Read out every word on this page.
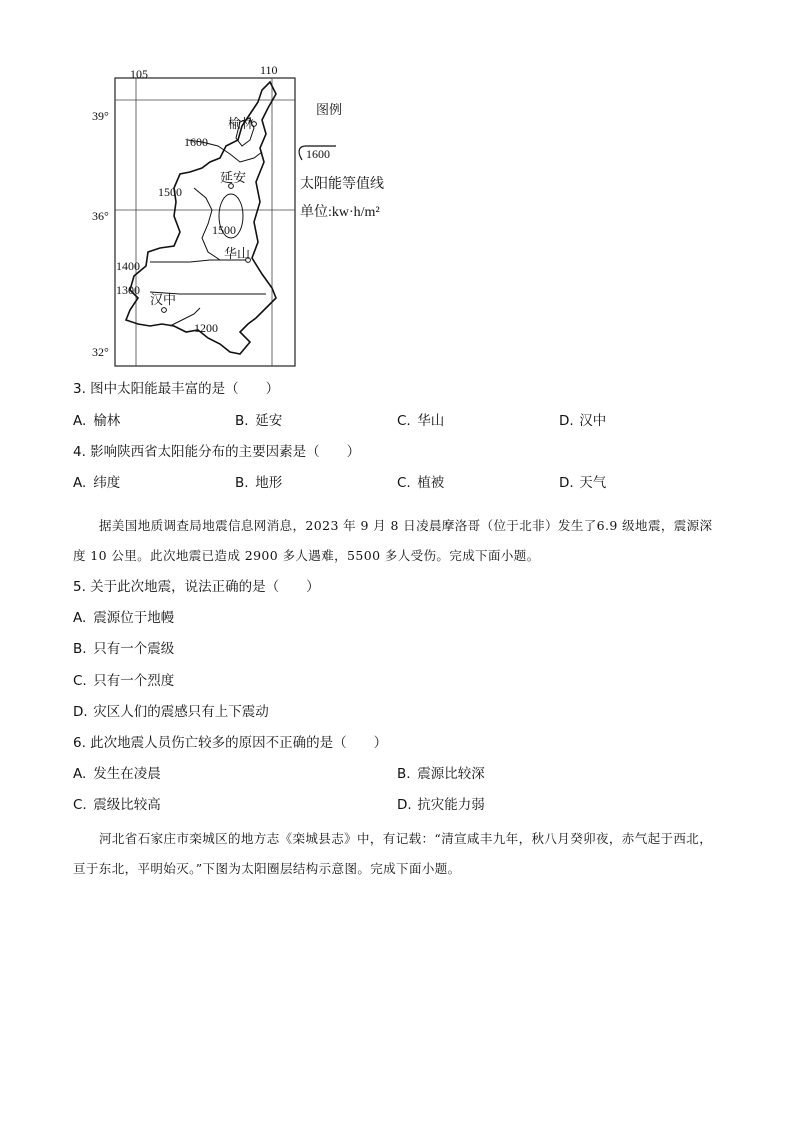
105	110
39°
36°
32°
榆林
延安
华山
汉中
1600
1500
1500
1400
1300
1200
图例
1600
太阳能等值线
单位:kw·h/m²
3. 图中太阳能最丰富的是（　　）
A. 榆林	B. 延安	C. 华山	D. 汉中
4. 影响陕西省太阳能分布的主要因素是（　　）
A. 纬度	B. 地形	C. 植被	D. 天气
据美国地质调查局地震信息网消息，2023 年 9 月 8 日凌晨摩洛哥（位于北非）发生了6.9 级地震，震源深度 10 公里。此次地震已造成 2900 多人遇难，5500 多人受伤。完成下面小题。
5. 关于此次地震，说法正确的是（　　）
A. 震源位于地幔
B. 只有一个震级
C. 只有一个烈度
D. 灾区人们的震感只有上下震动
6. 此次地震人员伤亡较多的原因不正确的是（　　）
A. 发生在凌晨	B. 震源比较深
C. 震级比较高	D. 抗灾能力弱
河北省石家庄市栾城区的地方志《栾城县志》中，有记载：“清宣咸丰九年，秋八月癸卯夜，赤气起于西北，亘于东北，平明始灭。”下图为太阳圈层结构示意图。完成下面小题。
